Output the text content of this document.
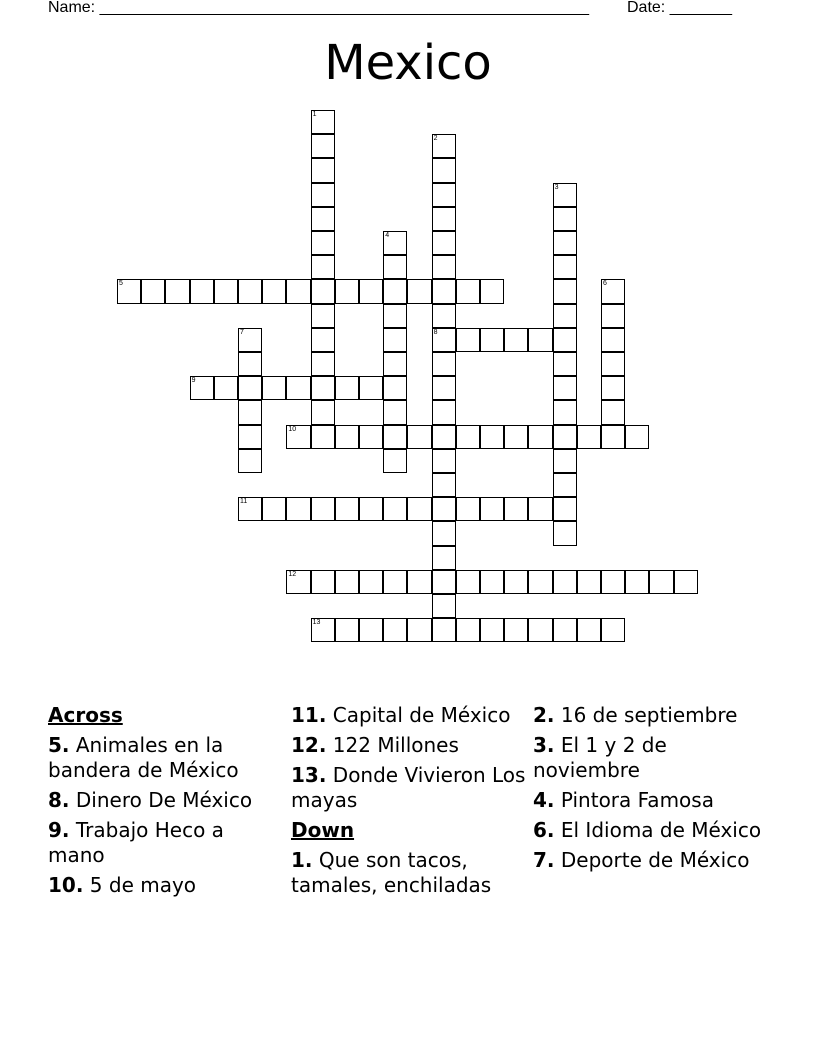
Name: _______________________________________________________ Date: _______
Mexico
1
2
8
3
4
5	6
7
9
10
11
12
13
Across
5. Animales en la bandera de México
8. Dinero De México
9. Trabajo Heco a mano
10. 5 de mayo
11. Capital de México
12. 122 Millones
13. Donde Vivieron Los mayas
Down
1. Que son tacos, tamales, enchiladas
2. 16 de septiembre
3. El 1 y 2 de noviembre
4. Pintora Famosa
6. El Idioma de México
7. Deporte de México
